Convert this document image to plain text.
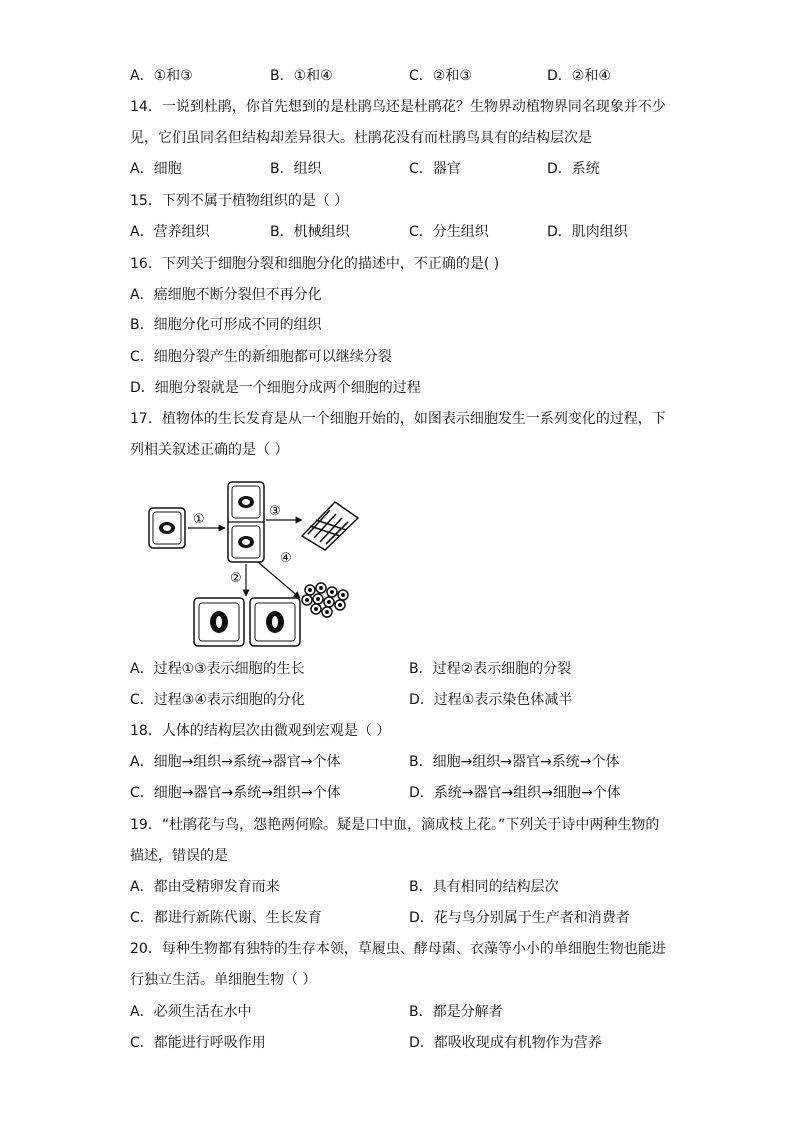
A．①和③	B．①和④	C．②和③	D．②和④
14．一说到杜鹃，你首先想到的是杜鹃鸟还是杜鹃花？生物界动植物界同名现象并不少
见，它们虽同名但结构却差异很大。杜鹃花没有而杜鹃鸟具有的结构层次是
A．细胞	B．组织	C．器官	D．系统
15．下列不属于植物组织的是（ ）
A．营养组织	B．机械组织	C．分生组织	D．肌肉组织
16．下列关于细胞分裂和细胞分化的描述中，不正确的是( )
A．癌细胞不断分裂但不再分化
B．细胞分化可形成不同的组织
C．细胞分裂产生的新细胞都可以继续分裂
D．细胞分裂就是一个细胞分成两个细胞的过程
17．植物体的生长发育是从一个细胞开始的，如图表示细胞发生一系列变化的过程，下
列相关叙述正确的是（ ）
①
③
④
②
A．过程①③表示细胞的生长	B．过程②表示细胞的分裂
C．过程③④表示细胞的分化	D．过程①表示染色体减半
18．人体的结构层次由微观到宏观是（ ）
A．细胞→组织→系统→器官→个体	B．细胞→组织→器官→系统→个体
C．细胞→器官→系统→组织→个体	D．系统→器官→组织→细胞→个体
19．“杜鹃花与鸟，怨艳两何赊。疑是口中血，滴成枝上花。”下列关于诗中两种生物的
描述，错误的是
A．都由受精卵发育而来	B．具有相同的结构层次
C．都进行新陈代谢、生长发育	D．花与鸟分别属于生产者和消费者
20．每种生物都有独特的生存本领，草履虫、酵母菌、衣藻等小小的单细胞生物也能进
行独立生活。单细胞生物（ ）
A．必须生活在水中	B．都是分解者
C．都能进行呼吸作用	D．都吸收现成有机物作为营养
